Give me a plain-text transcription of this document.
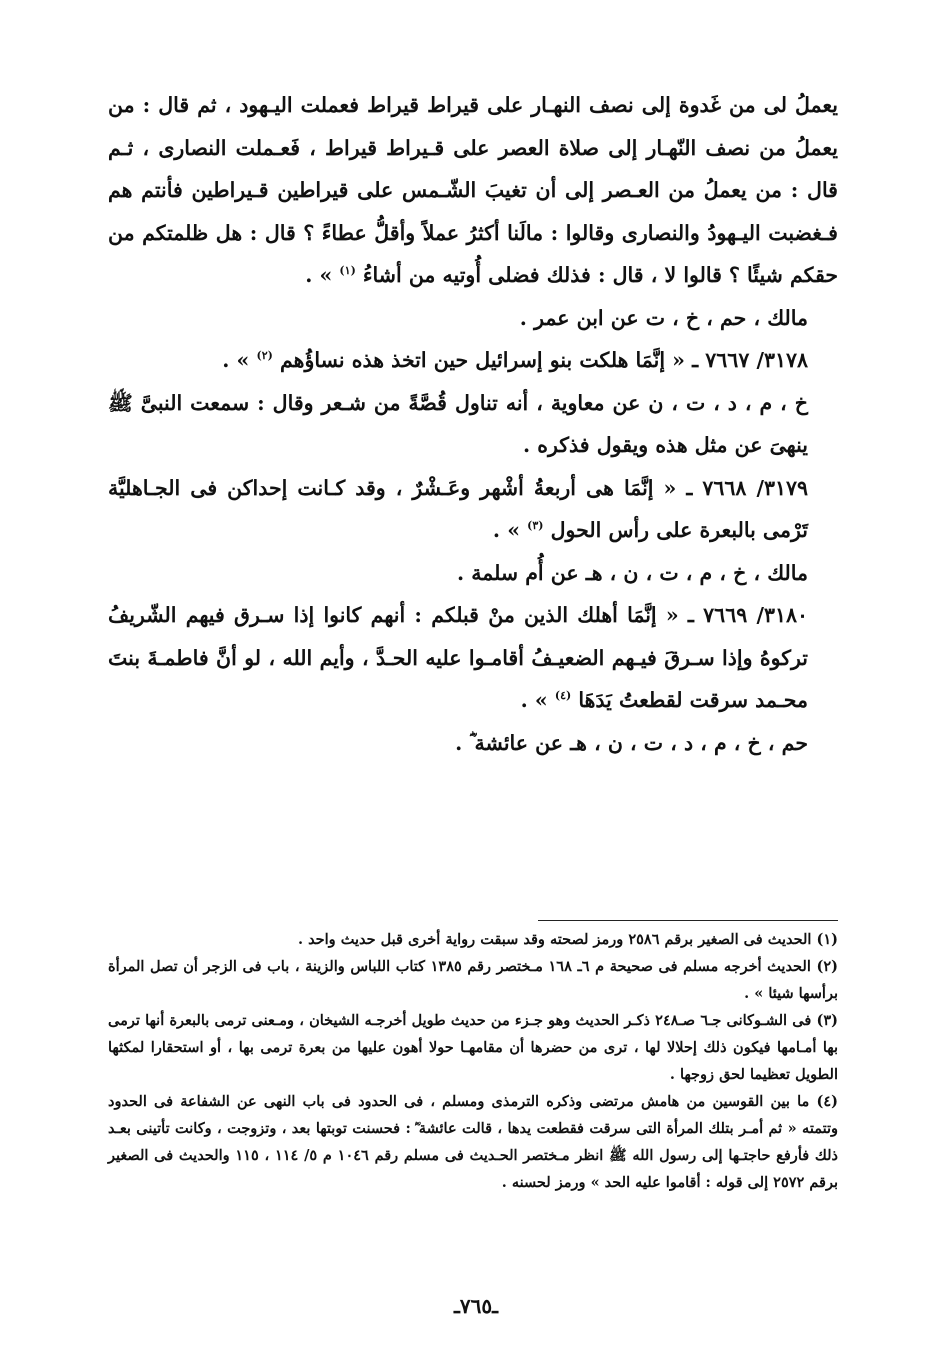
يعملُ لى من غَدوة إلى نصف النهـار على قيراط قيراط فعملت اليـهود ، ثم قال : من يعملُ من نصف النّهـار إلى صلاة العصر على قـيراط قيراط ، فَعـملت النصارى ، ثـم قال : من يعملُ من العـصر إلى أن تغيبَ الشّـمس على قيراطين قـيراطين فأنتم هم فـغضبت اليـهودُ والنصارى وقالوا : مالَنا أكثرُ عملاً وأقلُّ عطاءً ؟ قال : هل ظلمتكم من حقكم شيئًا ؟ قالوا لا ، قال : فذلك فضلى أُوتيه من أشاءُ $^{(١)}$ » .

مالك ، حم ، خ ، ت عن ابن عمر .

٣١٧٨/ ٧٦٦٧ ـ « إنَّمَا هلكت بنو إسرائيل حين اتخذ هذه نساؤُهم $^{(٢)}$ » .

خ ، م ، د ، ت ، ن عن معاوية ، أنه تناول قُصَّةً من شـعر وقال : سمعت النبىَّ ﷺ ينهىَ عن مثل هذه ويقول فذكره .

٣١٧٩/ ٧٦٦٨ ـ « إنَّمَا هى أربعةُ أشْهر وعَـشْرٌ ، وقد كـانت إحداكن فى الجـاهليَّة تَرْمى بالبعرة على رأس الحول $^{(٣)}$ » .

مالك ، خ ، م ، ت ، ن ، هـ عن أُم سلمة .

٣١٨٠/ ٧٦٦٩ ـ « إنَّمَا أهلك الذين منْ قبلكم : أنهم كانوا إذا سـرق فيهم الشّريفُ تركوهُ وإذا سـرقَ فيـهم الضعيـفُ أقامـوا عليه الحـدَّ ، وأيم الله ، لو أنَّ فاطمـةَ بنتَ محـمد سرقت لقطعتُ يَدَهَا $^{(٤)}$ » .

حم ، خ ، م ، د ، ت ، ن ، هـ عن عائشة ؓ .

(١) الحديث فى الصغير برقم ٢٥٨٦ ورمز لصحته وقد سبقت رواية أخرى قبل حديث واحد .

(٢) الحديث أخرجه مسلم فى صحيحة م ٦ـ ١٦٨ مـختصر رقم ١٣٨٥ كتاب اللباس والزينة ، باب فى الزجر أن تصل المرأة برأسها شيئا » .

(٣) فى الشـوكانى جـ٦ صـ٢٤٨ ذكـر الحديث وهو جـزء من حديث طويل أخرجـه الشيخان ، ومـعنى ترمى بالبعرة أنها ترمى بها أمـامها فيكون ذلك إحلالا لها ، ترى من حضرها أن مقامهـا حولا أهون عليها من بعرة ترمى بها ، أو استحقارا لمكثها الطويل تعظيما لحق زوجها .

(٤) ما بين القوسين من هامش مرتضى وذكره الترمذى ومسلم ، فى الحدود فى باب النهى عن الشفاعة فى الحدود وتتمته « ثم أمـر بتلك المرأة التى سرقت فقطعت يدها ، قالت عائشة ؓ : فحسنت توبتها بعد ، وتزوجت ، وكانت تأتينى بعـد ذلك فأرفع حاجتـها إلى رسول الله ﷺ انظر مـختصر الحـديث فى مسلم رقم ١٠٤٦ م ٥/ ١١٤ ، ١١٥ والحديث فى الصغير برقم ٢٥٧٢ إلى قوله : أقاموا عليه الحد » ورمز لحسنه .

ـ٧٦٥ـ
